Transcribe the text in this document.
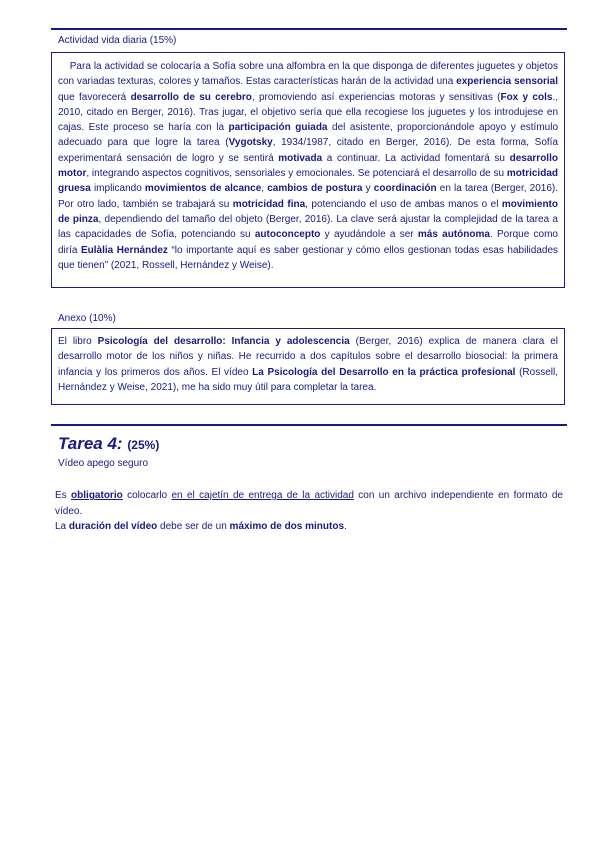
Actividad vida diaria (15%)

Para la actividad se colocaría a Sofía sobre una alfombra en la que disponga de diferentes juguetes y objetos con variadas texturas, colores y tamaños. Estas características harán de la actividad una experiencia sensorial que favorecerá desarrollo de su cerebro, promoviendo así experiencias motoras y sensitivas (Fox y cols., 2010, citado en Berger, 2016). Tras jugar, el objetivo sería que ella recogiese los juguetes y los introdujese en cajas. Este proceso se haría con la participación guiada del asistente, proporcionándole apoyo y estímulo adecuado para que logre la tarea (Vygotsky, 1934/1987, citado en Berger, 2016). De esta forma, Sofía experimentará sensación de logro y se sentirá motivada a continuar. La actividad fomentará su desarrollo motor, integrando aspectos cognitivos, sensoriales y emocionales. Se potenciará el desarrollo de su motricidad gruesa implicando movimientos de alcance, cambios de postura y coordinación en la tarea (Berger, 2016). Por otro lado, también se trabajará su motricidad fina, potenciando el uso de ambas manos o el movimiento de pinza, dependiendo del tamaño del objeto (Berger, 2016). La clave será ajustar la complejidad de la tarea a las capacidades de Sofía, potenciando su autoconcepto y ayudándole a ser más autónoma. Porque como diría Eulàlia Hernández “lo importante aquí es saber gestionar y cómo ellos gestionan todas esas habilidades que tienen” (2021, Rossell, Hernández y Weise).

Anexo (10%)

El libro Psicología del desarrollo: Infancia y adolescencia (Berger, 2016) explica de manera clara el desarrollo motor de los niños y niñas. He recurrido a dos capítulos sobre el desarrollo biosocial: la primera infancia y los primeros dos años. El vídeo La Psicología del Desarrollo en la práctica profesional (Rossell, Hernández y Weise, 2021), me ha sido muy útil para completar la tarea.

Tarea 4: (25%)
Vídeo apego seguro

Es obligatorio colocarlo en el cajetín de entrega de la actividad con un archivo independiente en formato de vídeo.

La duración del vídeo debe ser de un máximo de dos minutos.
